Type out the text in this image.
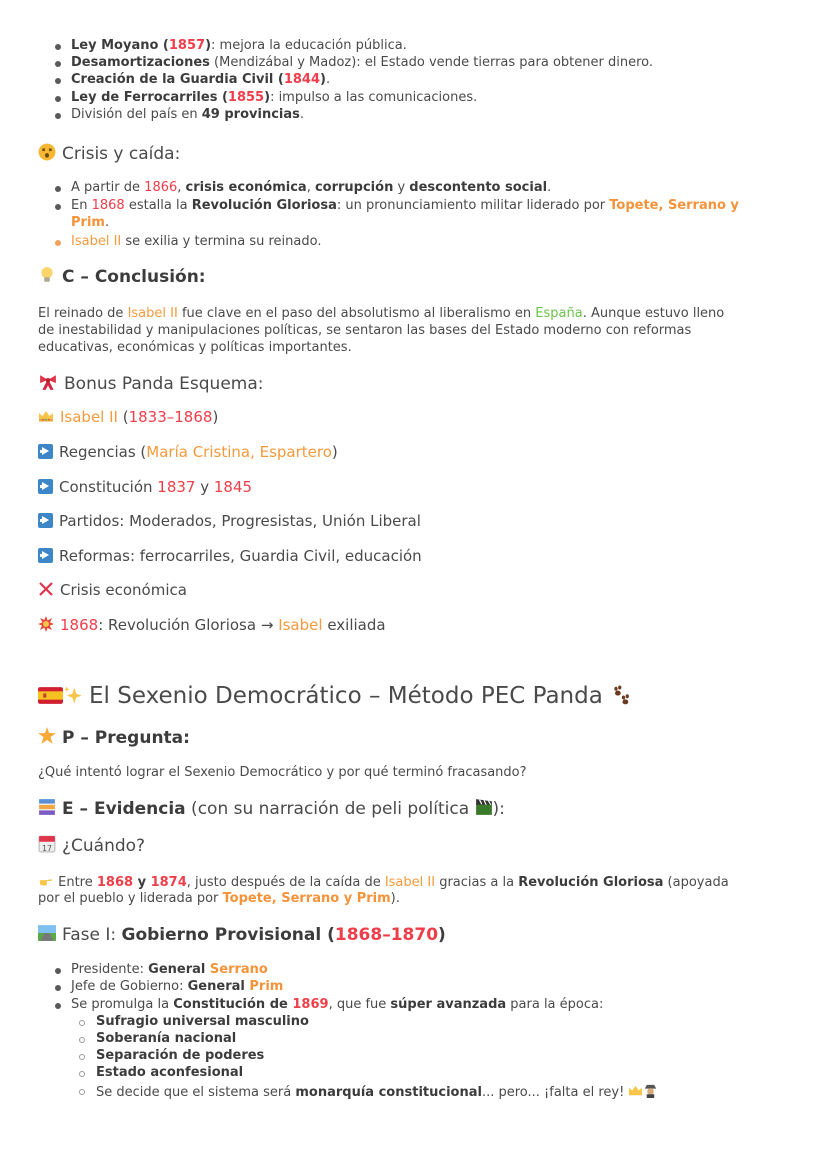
Ley Moyano (1857): mejora la educación pública.
Desamortizaciones (Mendizábal y Madoz): el Estado vende tierras para obtener dinero.
Creación de la Guardia Civil (1844).
Ley de Ferrocarriles (1855): impulso a las comunicaciones.
División del país en 49 provincias.
Crisis y caída:
A partir de 1866, crisis económica, corrupción y descontento social.
En 1868 estalla la Revolución Gloriosa: un pronunciamiento militar liderado por Topete, Serrano y
Prim.
Isabel II se exilia y termina su reinado.
C – Conclusión:
El reinado de Isabel II fue clave en el paso del absolutismo al liberalismo en España. Aunque estuvo lleno
de inestabilidad y manipulaciones políticas, se sentaron las bases del Estado moderno con reformas
educativas, económicas y políticas importantes.
Bonus Panda Esquema:
Isabel II (1833–1868)
Regencias (María Cristina, Espartero)
Constitución 1837 y 1845
Partidos: Moderados, Progresistas, Unión Liberal
Reformas: ferrocarriles, Guardia Civil, educación
Crisis económica
1868: Revolución Gloriosa → Isabel exiliada
El Sexenio Democrático – Método PEC Panda
P – Pregunta:
¿Qué intentó lograr el Sexenio Democrático y por qué terminó fracasando?
E – Evidencia (con su narración de peli política ):
17 ¿Cuándo?
Entre 1868 y 1874, justo después de la caída de Isabel II gracias a la Revolución Gloriosa (apoyada
por el pueblo y liderada por Topete, Serrano y Prim).
Fase I: Gobierno Provisional (1868–1870)
Presidente: General Serrano
Jefe de Gobierno: General Prim
Se promulga la Constitución de 1869, que fue súper avanzada para la época:
Sufragio universal masculino
Soberanía nacional
Separación de poderes
Estado aconfesional
Se decide que el sistema será monarquía constitucional... pero... ¡falta el rey!
